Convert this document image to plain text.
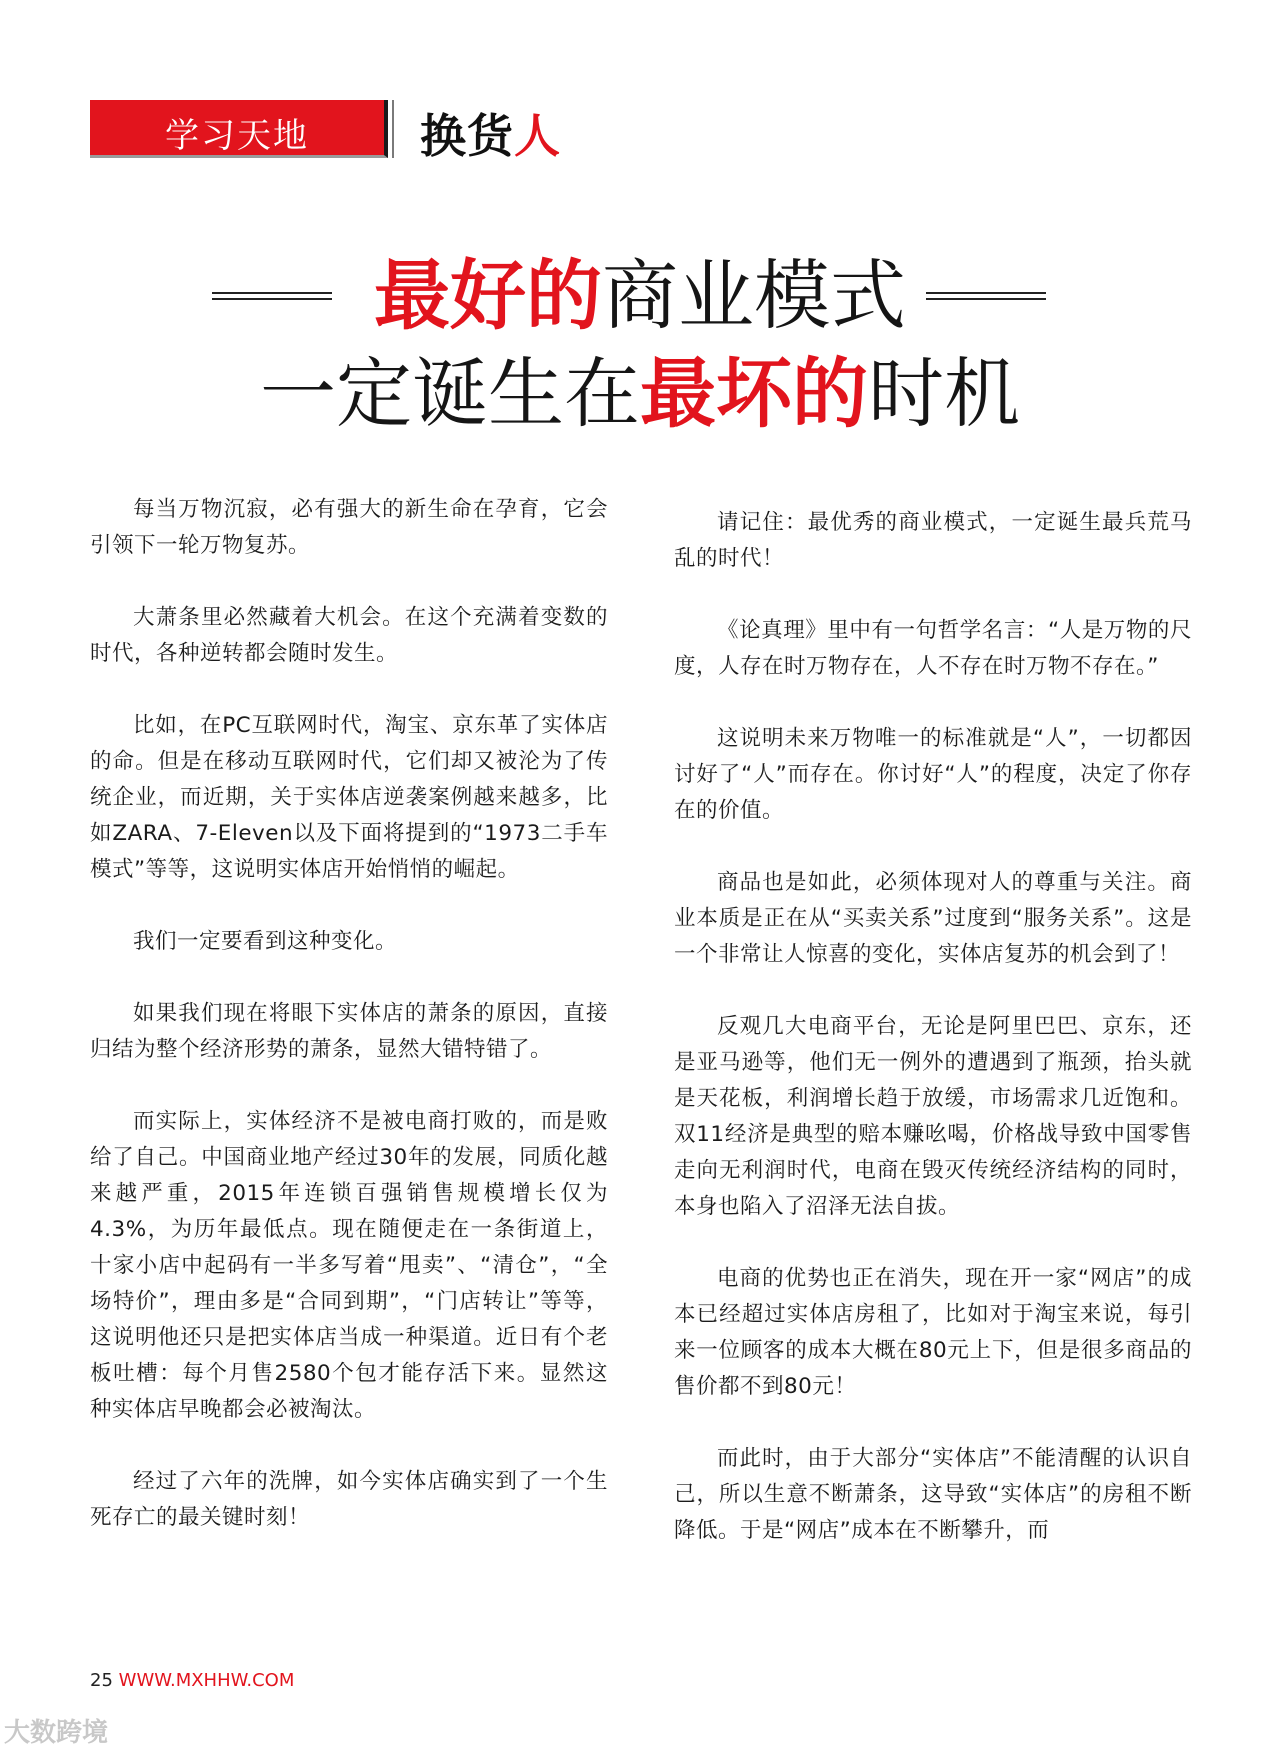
学习天地	换货人
最好的商业模式
一定诞生在最坏的时机

每当万物沉寂，必有强大的新生命在孕育，它会引领下一轮万物复苏。

大萧条里必然藏着大机会。在这个充满着变数的时代，各种逆转都会随时发生。

比如，在PC互联网时代，淘宝、京东革了实体店的命。但是在移动互联网时代，它们却又被沦为了传统企业，而近期，关于实体店逆袭案例越来越多，比如ZARA、7-Eleven以及下面将提到的“1973二手车模式”等等，这说明实体店开始悄悄的崛起。

我们一定要看到这种变化。

如果我们现在将眼下实体店的萧条的原因，直接归结为整个经济形势的萧条，显然大错特错了。

而实际上，实体经济不是被电商打败的，而是败给了自己。中国商业地产经过30年的发展，同质化越来越严重，2015年连锁百强销售规模增长仅为4.3%，为历年最低点。现在随便走在一条街道上，十家小店中起码有一半多写着“甩卖”、“清仓”，“全场特价”，理由多是“合同到期”，“门店转让”等等，这说明他还只是把实体店当成一种渠道。近日有个老板吐槽：每个月售2580个包才能存活下来。显然这种实体店早晚都会必被淘汰。

经过了六年的洗牌，如今实体店确实到了一个生死存亡的最关键时刻！

请记住：最优秀的商业模式，一定诞生最兵荒马乱的时代！

《论真理》里中有一句哲学名言：“人是万物的尺度，人存在时万物存在，人不存在时万物不存在。”

这说明未来万物唯一的标准就是“人”，一切都因讨好了“人”而存在。你讨好“人”的程度，决定了你存在的价值。

商品也是如此，必须体现对人的尊重与关注。商业本质是正在从“买卖关系”过度到“服务关系”。这是一个非常让人惊喜的变化，实体店复苏的机会到了！

反观几大电商平台，无论是阿里巴巴、京东，还是亚马逊等，他们无一例外的遭遇到了瓶颈，抬头就是天花板，利润增长趋于放缓，市场需求几近饱和。双11经济是典型的赔本赚吆喝，价格战导致中国零售走向无利润时代，电商在毁灭传统经济结构的同时，本身也陷入了沼泽无法自拔。

电商的优势也正在消失，现在开一家“网店”的成本已经超过实体店房租了，比如对于淘宝来说，每引来一位顾客的成本大概在80元上下，但是很多商品的售价都不到80元！

而此时，由于大部分“实体店”不能清醒的认识自己，所以生意不断萧条，这导致“实体店”的房租不断降低。于是“网店”成本在不断攀升，而

25 WWW.MXHHW.COM
大数跨境
